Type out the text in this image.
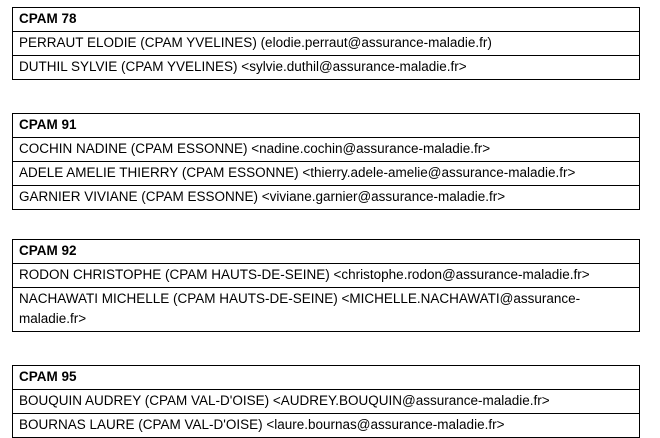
CPAM 78
PERRAUT ELODIE (CPAM YVELINES) (elodie.perraut@assurance-maladie.fr)
DUTHIL SYLVIE (CPAM YVELINES) <sylvie.duthil@assurance-maladie.fr>
CPAM 91
COCHIN NADINE (CPAM ESSONNE) <nadine.cochin@assurance-maladie.fr>
ADELE AMELIE THIERRY (CPAM ESSONNE) <thierry.adele-amelie@assurance-maladie.fr>
GARNIER VIVIANE (CPAM ESSONNE) <viviane.garnier@assurance-maladie.fr>
CPAM 92
RODON CHRISTOPHE (CPAM HAUTS-DE-SEINE) <christophe.rodon@assurance-maladie.fr>
NACHAWATI MICHELLE (CPAM HAUTS-DE-SEINE) <MICHELLE.NACHAWATI@assurance-maladie.fr>
CPAM 95
BOUQUIN AUDREY (CPAM VAL-D'OISE) <AUDREY.BOUQUIN@assurance-maladie.fr>
BOURNAS LAURE (CPAM VAL-D'OISE) <laure.bournas@assurance-maladie.fr>
